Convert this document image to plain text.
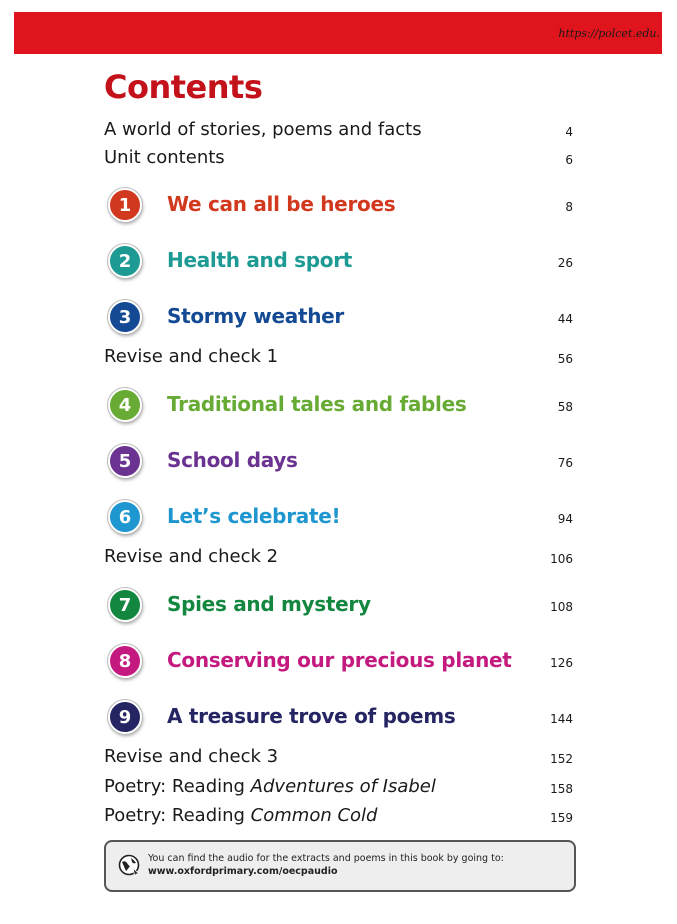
https://polcet.edu.
Contents
A world of stories, poems and facts	4
Unit contents	6
1	We can all be heroes	8
2	Health and sport	26
3	Stormy weather	44
Revise and check 1	56
4	Traditional tales and fables	58
5	School days	76
6	Let’s celebrate!	94
Revise and check 2	106
7	Spies and mystery	108
8	Conserving our precious planet	126
9	A treasure trove of poems	144
Revise and check 3	152
Poetry: Reading Adventures of Isabel	158
Poetry: Reading Common Cold	159
You can find the audio for the extracts and poems in this book by going to:
www.oxfordprimary.com/oecpaudio
